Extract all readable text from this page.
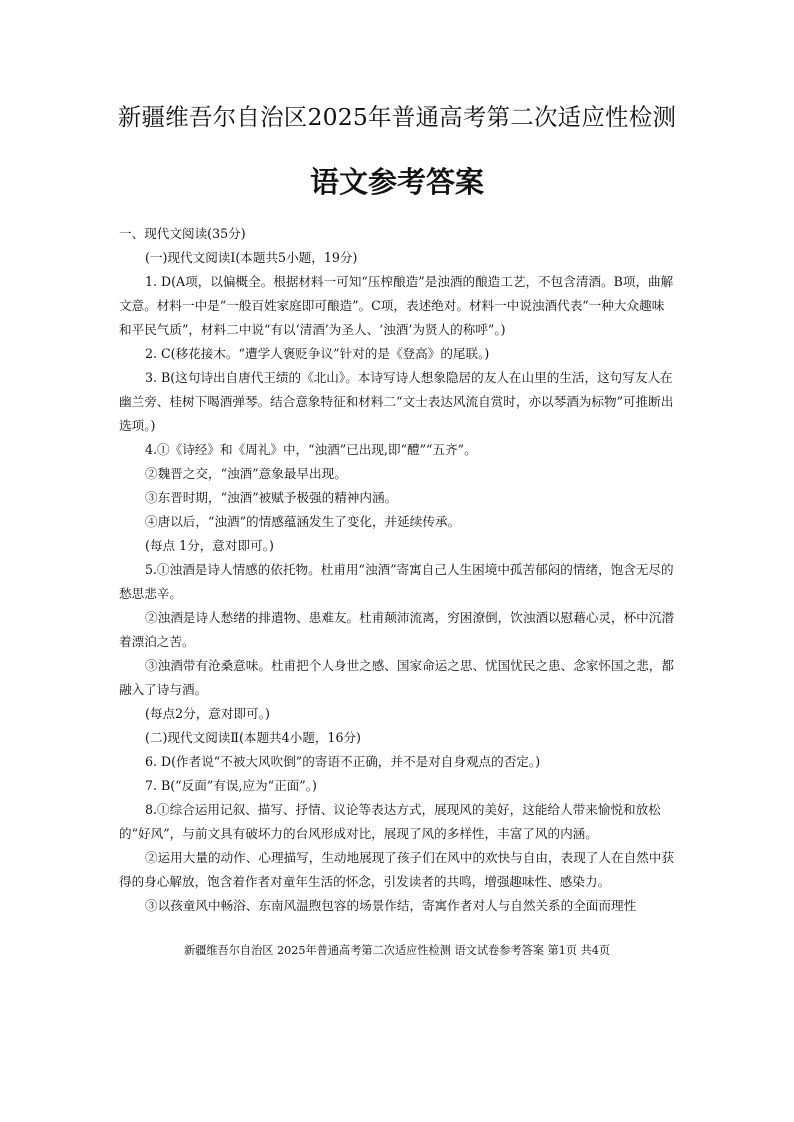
新疆维吾尔自治区2025年普通高考第二次适应性检测
语文参考答案

一、现代文阅读(35分)

(一)现代文阅读Ⅰ(本题共5小题，19分)

1. D(A项，以偏概全。根据材料一可知“压榨酿造”是浊酒的酿造工艺，不包含清酒。B项，曲解文意。材料一中是“一般百姓家庭即可酿造”。C项，表述绝对。材料一中说浊酒代表“一种大众趣味和平民气质”，材料二中说“有以‘清酒’为圣人、‘浊酒’为贤人的称呼”。)

2. C(移花接木。“遭学人褒贬争议”针对的是《登高》的尾联。)

3. B(这句诗出自唐代王绩的《北山》。本诗写诗人想象隐居的友人在山里的生活，这句写友人在幽兰旁、桂树下喝酒弹琴。结合意象特征和材料二“文士表达风流自赏时，亦以琴酒为标物”可推断出选项。)

4.①《诗经》和《周礼》中，“浊酒”已出现,即“醴”“五齐”。

②魏晋之交，“浊酒”意象最早出现。

③东晋时期，“浊酒”被赋予极强的精神内涵。

④唐以后，“浊酒”的情感蕴涵发生了变化，并延续传承。

(每点 1分，意对即可。)

5.①浊酒是诗人情感的依托物。杜甫用“浊酒”寄寓自己人生困境中孤苦郁闷的情绪，饱含无尽的愁思悲辛。

②浊酒是诗人愁绪的排遣物、患难友。杜甫颠沛流离，穷困潦倒，饮浊酒以慰藉心灵，杯中沉潜着漂泊之苦。

③浊酒带有沧桑意味。杜甫把个人身世之感、国家命运之思、忧国忧民之患、念家怀国之悲，都融入了诗与酒。

(每点2分，意对即可。)

(二)现代文阅读Ⅱ(本题共4小题，16分)

6. D(作者说“不被大风吹倒”的寄语不正确，并不是对自身观点的否定。)

7. B(“反面”有误,应为“正面”。)

8.①综合运用记叙、描写、抒情、议论等表达方式，展现风的美好，这能给人带来愉悦和放松的“好风”，与前文具有破坏力的台风形成对比，展现了风的多样性，丰富了风的内涵。

②运用大量的动作、心理描写，生动地展现了孩子们在风中的欢快与自由，表现了人在自然中获得的身心解放，饱含着作者对童年生活的怀念，引发读者的共鸣，增强趣味性、感染力。

③以孩童风中畅浴、东南风温煦包容的场景作结，寄寓作者对人与自然关系的全面而理性

新疆维吾尔自治区 2025年普通高考第二次适应性检测 语文试卷参考答案 第1页 共4页
